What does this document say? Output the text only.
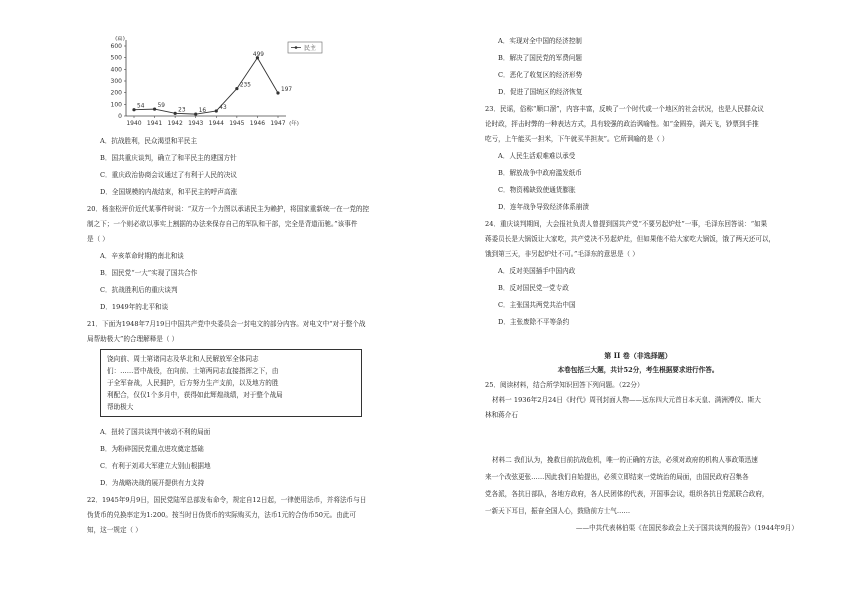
0
100
200
300
400
500
600
(篇)
1940 1941 1942 1943 1944 1945 1946 1947 (年)
54 59
23 16
43
235
499
197
民主
A．抗战胜利，民众渴望和平民主
B．国共重庆谈判，确立了和平民主的建国方针
C．重庆政治协商会议通过了有利于人民的决议
D．全国规模的内战结束，和平民主的呼声高涨
20．杨奎松评价近代某事件时说：“双方一个力图以承诺民主为赖护，将国家重新统一在一党的控
制之下；一个则必欲以事实上割据的办法来保存自己的军队和干部，完全是背道而驰。”该事件
是（ ）
A．辛亥革命时期的南北和谈
B．国民党“一大”实现了国共合作
C．抗战胜利后的重庆谈判
D．1949年的北平和谈
21．下面为1948年7月19日中国共产党中央委员会一封电文的部分内容。对电文中“对于整个战
局帮助极大”的合理解释是（ ）
饶向前、周士第诸同志及华北和人民解放军全体同志
们：……晋中战役，在向前、士第两同志直接指挥之下，由
于全军奋战，人民拥护，后方努力生产支前，以及地方的胜
利配合，仅仅1个多月中，获得如此辉煌战绩，对于整个战局
帮助极大
A．扭转了国共谈判中被动不利的局面
B．为粉碎国民党重点进攻奠定基础
C．有利于刘邓大军建立大别山根据地
D．为战略决战的展开提供有力支持
22．1945年9月9日，国民党陆军总部发布命令，规定自12日起，一律使用法币，并将法币与日
伪货币的兑换率定为1:200。按当时日伪货币的实际购买力，法币1元的合伪币50元。由此可
知，这一规定（ ）
A．实现对全中国的经济控制
B．解决了国民党的军费问题
C．恶化了收复区的经济形势
D．促进了国统区的经济恢复
23．民谣，俗称“顺口溜”，内容丰富，反映了一个时代或一个地区的社会状况，也是人民群众议
论时政，抨击时弊的一种表达方式，具有较强的政治讽喻性。如“金圆券，满天飞，钞票到手推
吃亏，上午能买一担米，下午就买半担灰”。它所讽喻的是（ ）
A．人民生活艰难难以承受
B．解放战争中政府滥发纸币
C．物资稀缺致使通货膨胀
D．连年战争导致经济体系崩溃
24．重庆谈判期间，大会报社负责人曾提到国共产党“不要另起炉灶”一事，毛泽东回答说：“如果
蒋委员长是大锅饭让大家吃，共产党决不另起炉灶，但如果他不给大家吃大锅饭，饿了两天还可以，
饿到第三天，非另起炉灶不可。”毛泽东的意思是（ ）
A．反对美国插手中国内政
B．反对国民党一党专政
C．主张国共两党共治中国
D．主张废除不平等条约
第 II 卷（非选择题）
本卷包括三大题，共计52分，考生根据要求进行作答。
25．阅读材料，结合所学知识回答下列问题。（22分）
材料一 1936年2月24日《时代》周刊封面人物——远东四大元首日本天皇、满洲溥仪、斯大
林和蒋介石
材料二 我们认为，挽救目前抗战危机，唯一的正确的方法，必须对政府的机构人事政策迅速
来一个改弦更张……因此我们自始提出，必须立即结束一党统治的局面，由国民政府召集各
党各派，各抗日部队，各地方政府，各人民团体的代表，开国事会议，组织各抗日党派联合政府，
一新天下耳目，振奋全国人心，鼓励前方士气……
——中共代表林伯渠《在国民参政会上关于国共谈判的报告》（1944年9月）
